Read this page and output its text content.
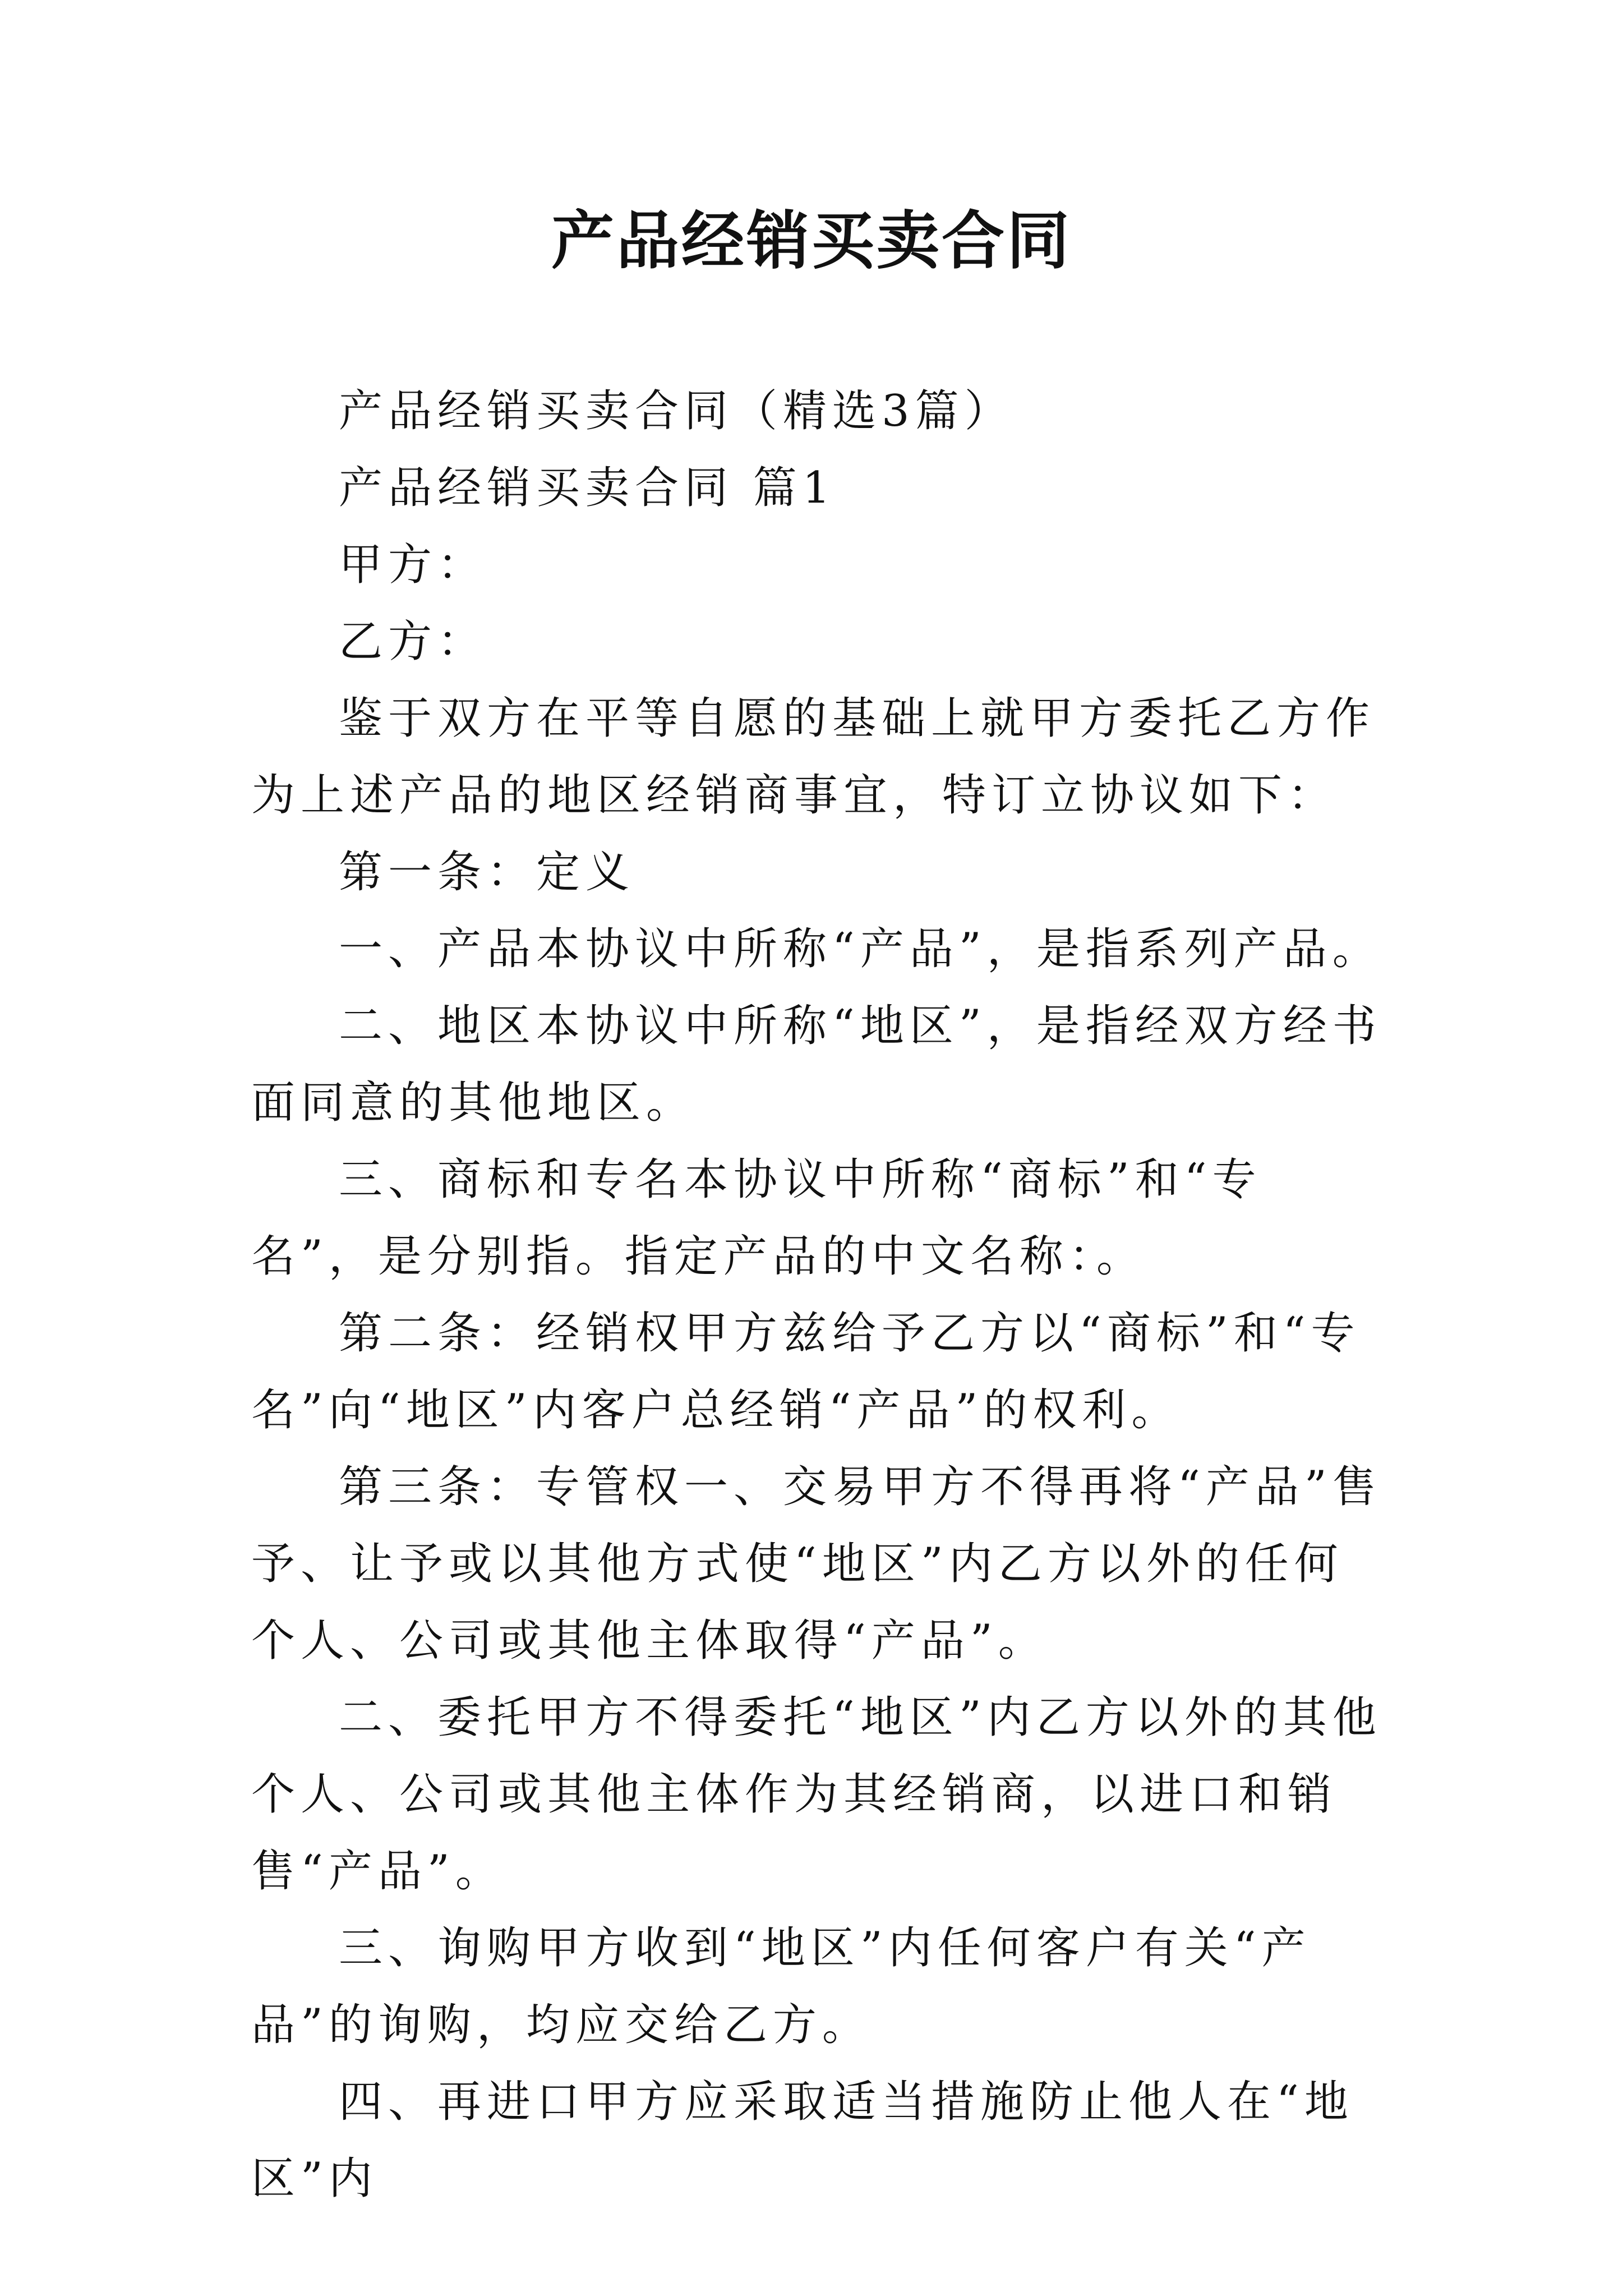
产品经销买卖合同

产品经销买卖合同（精选3篇）

产品经销买卖合同 篇1

甲方：

乙方：

鉴于双方在平等自愿的基础上就甲方委托乙方作为上述产品的地区经销商事宜，特订立协议如下：

第一条：定义

一、产品本协议中所称“产品”，是指系列产品。

二、地区本协议中所称“地区”，是指经双方经书面同意的其他地区。

三、商标和专名本协议中所称“商标”和“专名”，是分别指。指定产品的中文名称：。

第二条：经销权甲方兹给予乙方以“商标”和“专名”向“地区”内客户总经销“产品”的权利。

第三条：专管权一、交易甲方不得再将“产品”售予、让予或以其他方式使“地区”内乙方以外的任何个人、公司或其他主体取得“产品”。

二、委托甲方不得委托“地区”内乙方以外的其他个人、公司或其他主体作为其经销商，以进口和销售“产品”。

三、询购甲方收到“地区”内任何客户有关“产品”的询购，均应交给乙方。

四、再进口甲方应采取适当措施防止他人在“地区”内
